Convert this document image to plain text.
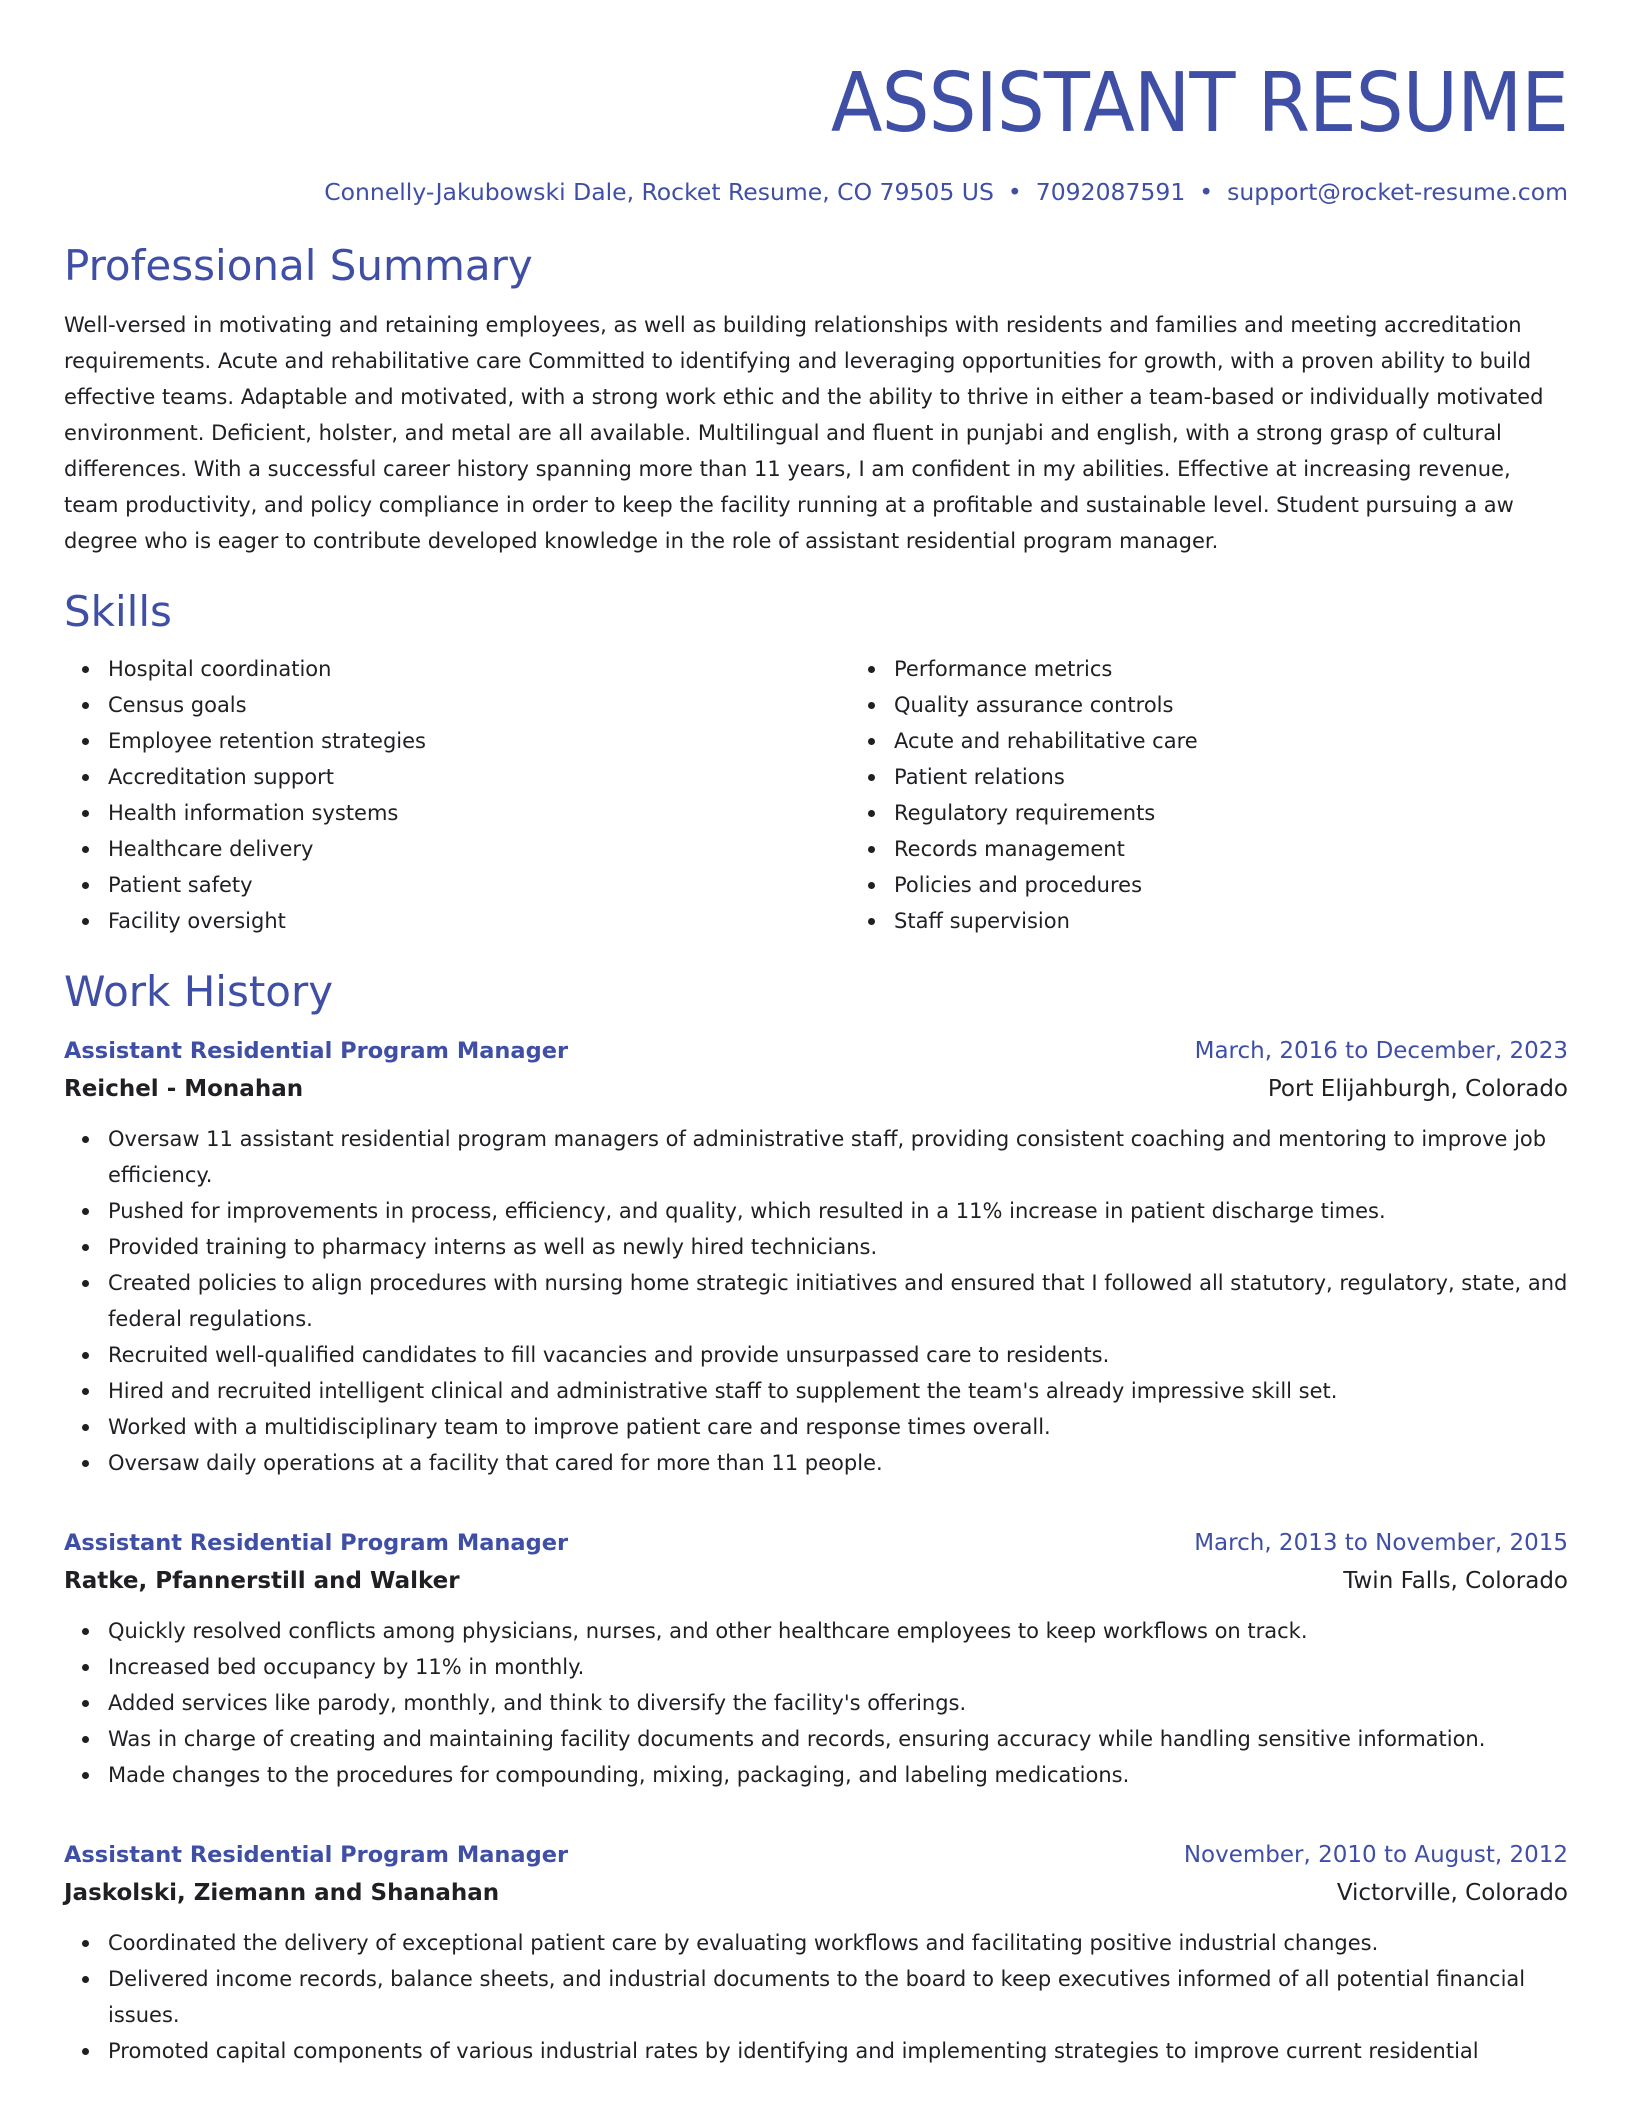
ASSISTANT RESUME
Connelly-Jakubowski Dale, Rocket Resume, CO 79505 US • 7092087591 • support@rocket-resume.com
Professional Summary
Well-versed in motivating and retaining employees, as well as building relationships with residents and families and meeting accreditation requirements. Acute and rehabilitative care Committed to identifying and leveraging opportunities for growth, with a proven ability to build effective teams. Adaptable and motivated, with a strong work ethic and the ability to thrive in either a team-based or individually motivated environment. Deficient, holster, and metal are all available. Multilingual and fluent in punjabi and english, with a strong grasp of cultural differences. With a successful career history spanning more than 11 years, I am confident in my abilities. Effective at increasing revenue, team productivity, and policy compliance in order to keep the facility running at a profitable and sustainable level. Student pursuing a aw degree who is eager to contribute developed knowledge in the role of assistant residential program manager.
Skills
Hospital coordination
Census goals
Employee retention strategies
Accreditation support
Health information systems
Healthcare delivery
Patient safety
Facility oversight
Performance metrics
Quality assurance controls
Acute and rehabilitative care
Patient relations
Regulatory requirements
Records management
Policies and procedures
Staff supervision
Work History
Assistant Residential Program Manager	March, 2016 to December, 2023
Reichel - Monahan	Port Elijahburgh, Colorado
Oversaw 11 assistant residential program managers of administrative staff, providing consistent coaching and mentoring to improve job efficiency.
Pushed for improvements in process, efficiency, and quality, which resulted in a 11% increase in patient discharge times.
Provided training to pharmacy interns as well as newly hired technicians.
Created policies to align procedures with nursing home strategic initiatives and ensured that I followed all statutory, regulatory, state, and federal regulations.
Recruited well-qualified candidates to fill vacancies and provide unsurpassed care to residents.
Hired and recruited intelligent clinical and administrative staff to supplement the team's already impressive skill set.
Worked with a multidisciplinary team to improve patient care and response times overall.
Oversaw daily operations at a facility that cared for more than 11 people.
Assistant Residential Program Manager	March, 2013 to November, 2015
Ratke, Pfannerstill and Walker	Twin Falls, Colorado
Quickly resolved conflicts among physicians, nurses, and other healthcare employees to keep workflows on track.
Increased bed occupancy by 11% in monthly.
Added services like parody, monthly, and think to diversify the facility's offerings.
Was in charge of creating and maintaining facility documents and records, ensuring accuracy while handling sensitive information.
Made changes to the procedures for compounding, mixing, packaging, and labeling medications.
Assistant Residential Program Manager	November, 2010 to August, 2012
Jaskolski, Ziemann and Shanahan	Victorville, Colorado
Coordinated the delivery of exceptional patient care by evaluating workflows and facilitating positive industrial changes.
Delivered income records, balance sheets, and industrial documents to the board to keep executives informed of all potential financial issues.
Promoted capital components of various industrial rates by identifying and implementing strategies to improve current residential
